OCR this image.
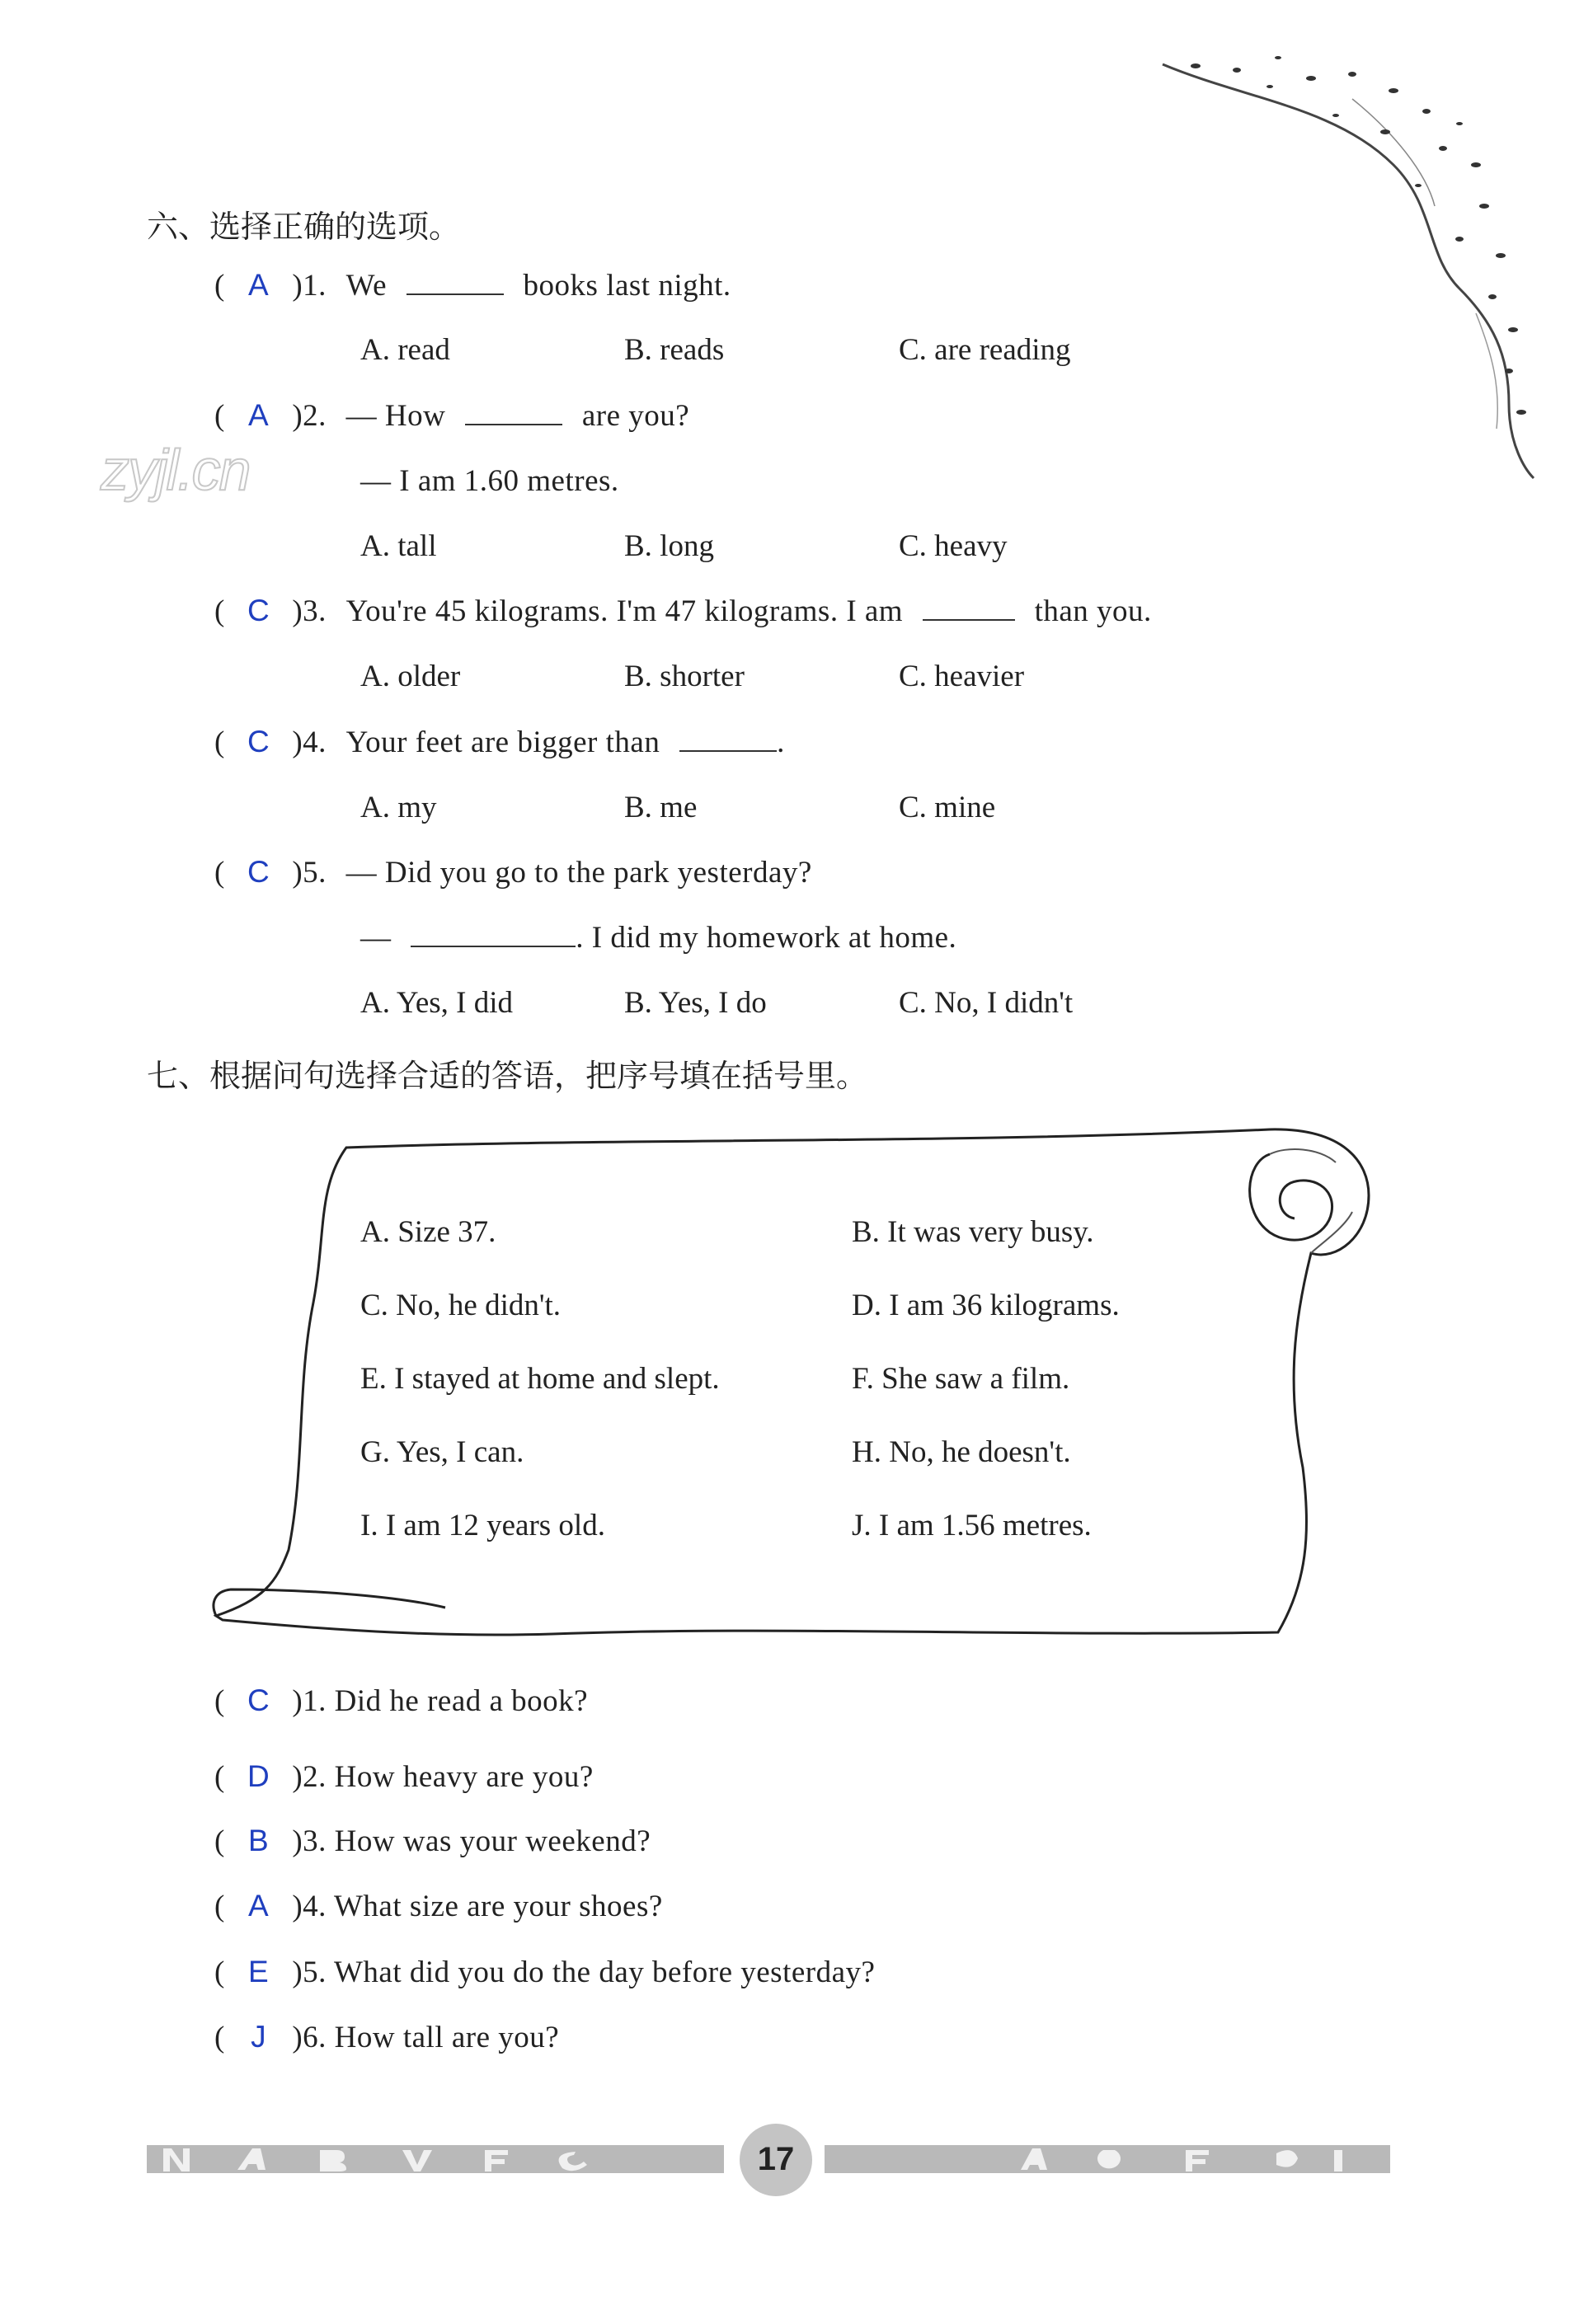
zyjl.cn
六、选择正确的选项。
( A )1. We	books last night.
A. read	B. reads	C. are reading
( A )2. — How	are you?
— I am 1.60 metres.
A. tall	B. long	C. heavy
( C )3. You're 45 kilograms. I'm 47 kilograms. I am	than you.
A. older	B. shorter	C. heavier
( C )4. Your feet are bigger than	.
A. my	B. me	C. mine
( C )5. — Did you go to the park yesterday?
—	. I did my homework at home.
A. Yes, I did	B. Yes, I do	C. No, I didn't
七、根据问句选择合适的答语，把序号填在括号里。
A. Size 37.	B. It was very busy.
C. No, he didn't.	D. I am 36 kilograms.
E. I stayed at home and slept.	F. She saw a film.
G. Yes, I can.	H. No, he doesn't.
I. I am 12 years old.	J. I am 1.56 metres.
( C )1. Did he read a book?
( D )2. How heavy are you?
( B )3. How was your weekend?
( A )4. What size are your shoes?
( E )5. What did you do the day before yesterday?
( J )6. How tall are you?
17
